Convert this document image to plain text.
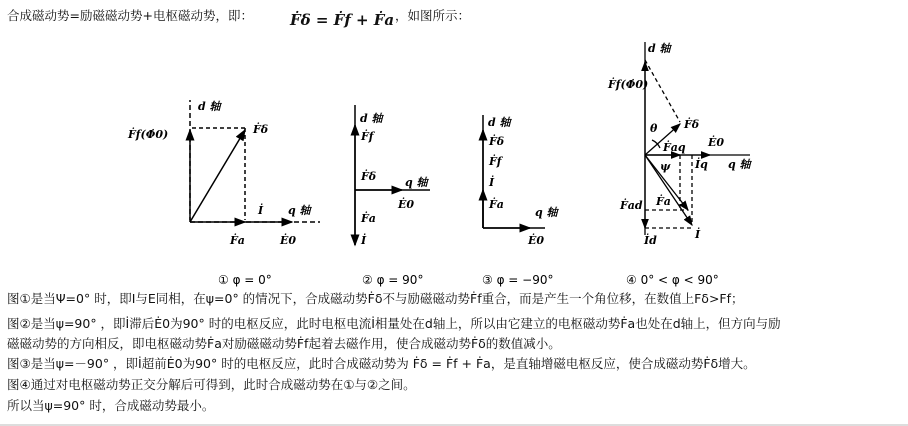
合成磁动势=励磁磁动势+电枢磁动势，即： Ḟδ = Ḟf + Ḟa ，如图所示：
d 轴
Ḟf(Φ̇0)	Ḟδ
İ q 轴
Ḟa	Ė0
① φ = 0°
d 轴
Ḟf
Ḟδ	q 轴
Ė0
Ḟa
İ
② φ = 90°
d 轴
Ḟδ
Ḟf
İ
Ḟa
q 轴
Ė0
③ φ = −90°
d 轴
Ḟf(Φ̇0)
θ Ḟδ
Ė0
Ḟaq
ψ İq q 轴
Ḟad Ḟa
İd	İ
④ 0° < φ < 90°
图①是当Ψ=0° 时，即I与E同相，在ψ=0° 的情况下，合成磁动势Ḟδ不与励磁磁动势Ḟf重合，而是产生一个角位移，在数值上Fδ>Ff；
图②是当ψ=90° ，即İ滞后Ė0为90° 时的电枢反应，此时电枢电流İ相量处在d轴上，所以由它建立的电枢磁动势Ḟa也处在d轴上，但方向与励
磁磁动势的方向相反，即电枢磁动势Ḟa对励磁磁动势Ḟf起着去磁作用，使合成磁动势Ḟδ的数值减小。
图③是当ψ=－90° ，即İ超前Ė0为90° 时的电枢反应，此时合成磁动势为 Ḟδ = Ḟf + Ḟa，是直轴增磁电枢反应，使合成磁动势Ḟδ增大。
图④通过对电枢磁动势正交分解后可得到，此时合成磁动势在①与②之间。
所以当ψ=90° 时，合成磁动势最小。
